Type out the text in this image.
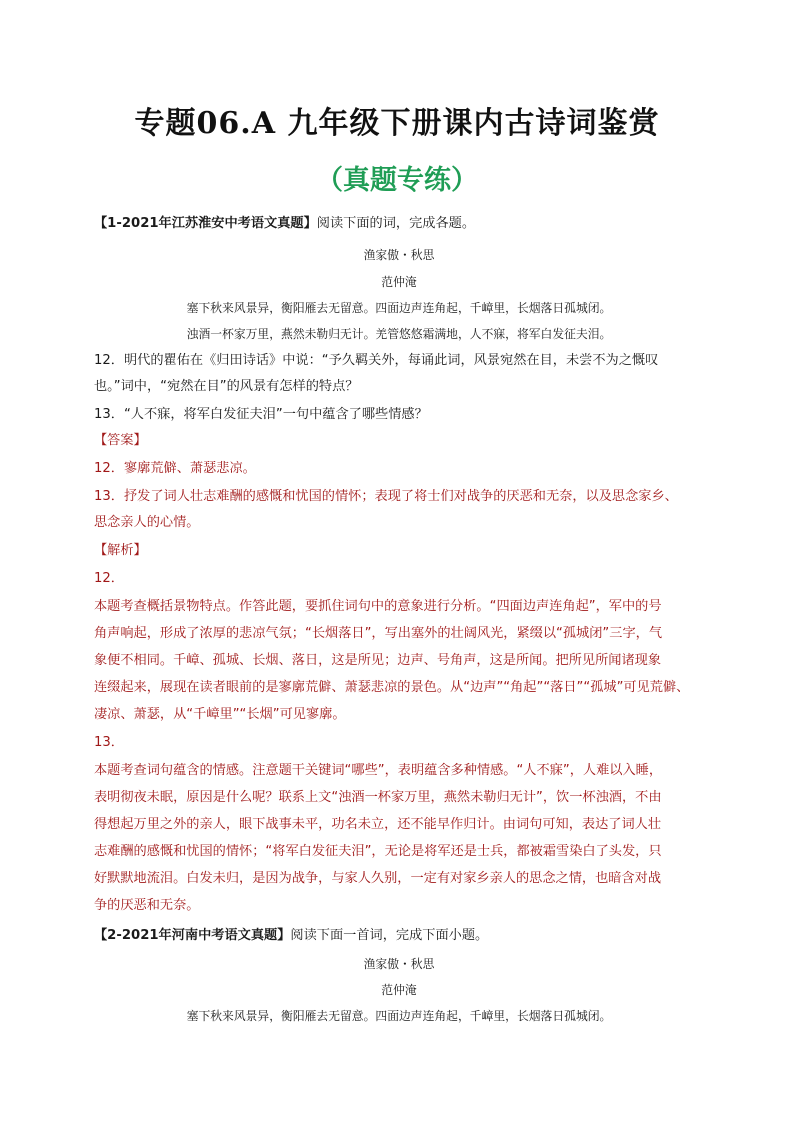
专题06.A 九年级下册课内古诗词鉴赏
（真题专练）
【1-2021年江苏淮安中考语文真题】阅读下面的词，完成各题。
渔家傲・秋思
范仲淹
塞下秋来风景异，衡阳雁去无留意。四面边声连角起，千嶂里，长烟落日孤城闭。
浊酒一杯家万里，燕然未勒归无计。羌管悠悠霜满地，人不寐，将军白发征夫泪。
12．明代的瞿佑在《归田诗话》中说：“予久羁关外，每诵此词，风景宛然在目，未尝不为之慨叹
也。”词中，“宛然在目”的风景有怎样的特点？
13．“人不寐，将军白发征夫泪”一句中蕴含了哪些情感？
【答案】
12．寥廓荒僻、萧瑟悲凉。
13．抒发了词人壮志难酬的感慨和忧国的情怀；表现了将士们对战争的厌恶和无奈，以及思念家乡、
思念亲人的心情。
【解析】
12．
本题考查概括景物特点。作答此题，要抓住词句中的意象进行分析。“四面边声连角起”，军中的号
角声响起，形成了浓厚的悲凉气氛；“长烟落日”，写出塞外的壮阔风光，紧缀以“孤城闭”三字，气
象便不相同。千嶂、孤城、长烟、落日，这是所见；边声、号角声，这是所闻。把所见所闻诸现象
连缀起来，展现在读者眼前的是寥廓荒僻、萧瑟悲凉的景色。从“边声”“角起”“落日”“孤城”可见荒僻、
凄凉、萧瑟，从“千嶂里”“长烟”可见寥廓。
13．
本题考查词句蕴含的情感。注意题干关键词“哪些”，表明蕴含多种情感。“人不寐”，人难以入睡，
表明彻夜未眠，原因是什么呢？联系上文“浊酒一杯家万里，燕然未勒归无计”，饮一杯浊酒，不由
得想起万里之外的亲人，眼下战事未平，功名未立，还不能早作归计。由词句可知，表达了词人壮
志难酬的感慨和忧国的情怀；“将军白发征夫泪”，无论是将军还是士兵，都被霜雪染白了头发，只
好默默地流泪。白发未归，是因为战争，与家人久别，一定有对家乡亲人的思念之情，也暗含对战
争的厌恶和无奈。
【2-2021年河南中考语文真题】阅读下面一首词，完成下面小题。
渔家傲・秋思
范仲淹
塞下秋来风景异，衡阳雁去无留意。四面边声连角起，千嶂里，长烟落日孤城闭。
